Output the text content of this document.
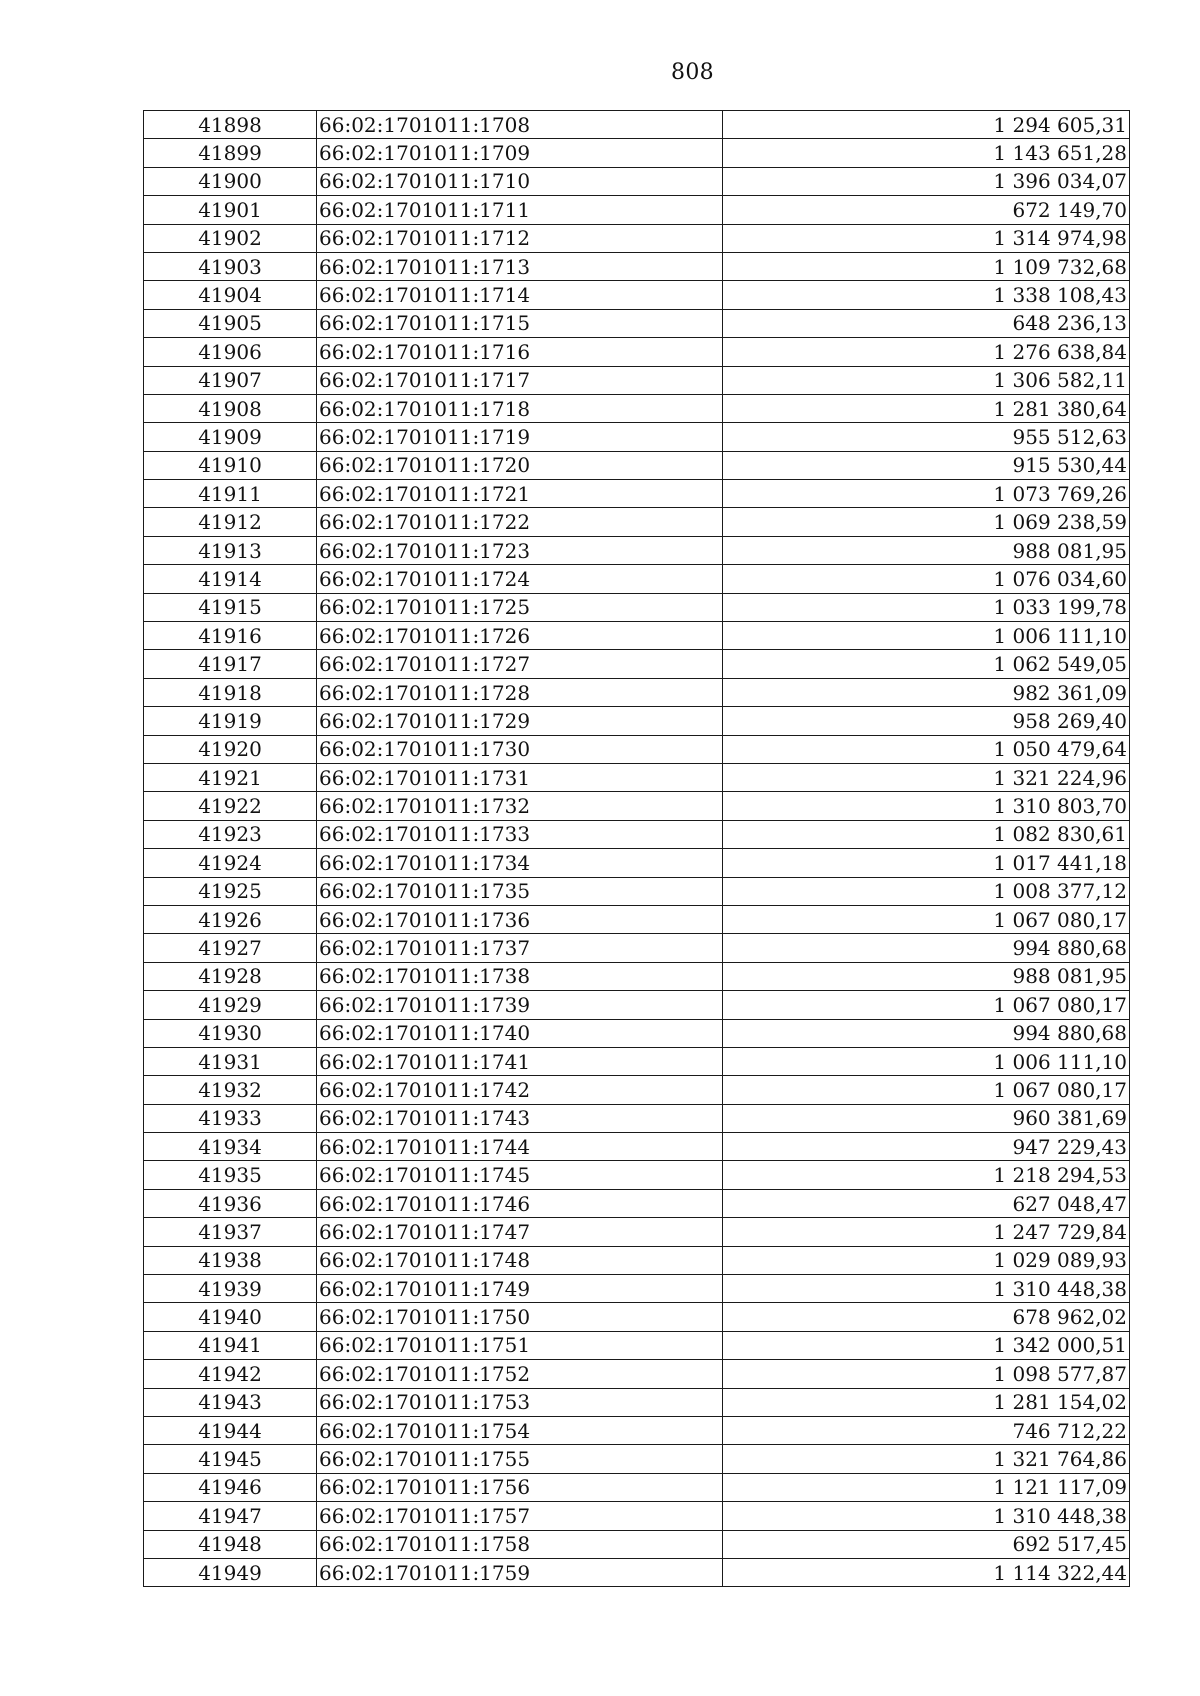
808
41898	66:02:1701011:1708	1 294 605,31
41899	66:02:1701011:1709	1 143 651,28
41900	66:02:1701011:1710	1 396 034,07
41901	66:02:1701011:1711	672 149,70
41902	66:02:1701011:1712	1 314 974,98
41903	66:02:1701011:1713	1 109 732,68
41904	66:02:1701011:1714	1 338 108,43
41905	66:02:1701011:1715	648 236,13
41906	66:02:1701011:1716	1 276 638,84
41907	66:02:1701011:1717	1 306 582,11
41908	66:02:1701011:1718	1 281 380,64
41909	66:02:1701011:1719	955 512,63
41910	66:02:1701011:1720	915 530,44
41911	66:02:1701011:1721	1 073 769,26
41912	66:02:1701011:1722	1 069 238,59
41913	66:02:1701011:1723	988 081,95
41914	66:02:1701011:1724	1 076 034,60
41915	66:02:1701011:1725	1 033 199,78
41916	66:02:1701011:1726	1 006 111,10
41917	66:02:1701011:1727	1 062 549,05
41918	66:02:1701011:1728	982 361,09
41919	66:02:1701011:1729	958 269,40
41920	66:02:1701011:1730	1 050 479,64
41921	66:02:1701011:1731	1 321 224,96
41922	66:02:1701011:1732	1 310 803,70
41923	66:02:1701011:1733	1 082 830,61
41924	66:02:1701011:1734	1 017 441,18
41925	66:02:1701011:1735	1 008 377,12
41926	66:02:1701011:1736	1 067 080,17
41927	66:02:1701011:1737	994 880,68
41928	66:02:1701011:1738	988 081,95
41929	66:02:1701011:1739	1 067 080,17
41930	66:02:1701011:1740	994 880,68
41931	66:02:1701011:1741	1 006 111,10
41932	66:02:1701011:1742	1 067 080,17
41933	66:02:1701011:1743	960 381,69
41934	66:02:1701011:1744	947 229,43
41935	66:02:1701011:1745	1 218 294,53
41936	66:02:1701011:1746	627 048,47
41937	66:02:1701011:1747	1 247 729,84
41938	66:02:1701011:1748	1 029 089,93
41939	66:02:1701011:1749	1 310 448,38
41940	66:02:1701011:1750	678 962,02
41941	66:02:1701011:1751	1 342 000,51
41942	66:02:1701011:1752	1 098 577,87
41943	66:02:1701011:1753	1 281 154,02
41944	66:02:1701011:1754	746 712,22
41945	66:02:1701011:1755	1 321 764,86
41946	66:02:1701011:1756	1 121 117,09
41947	66:02:1701011:1757	1 310 448,38
41948	66:02:1701011:1758	692 517,45
41949	66:02:1701011:1759	1 114 322,44
